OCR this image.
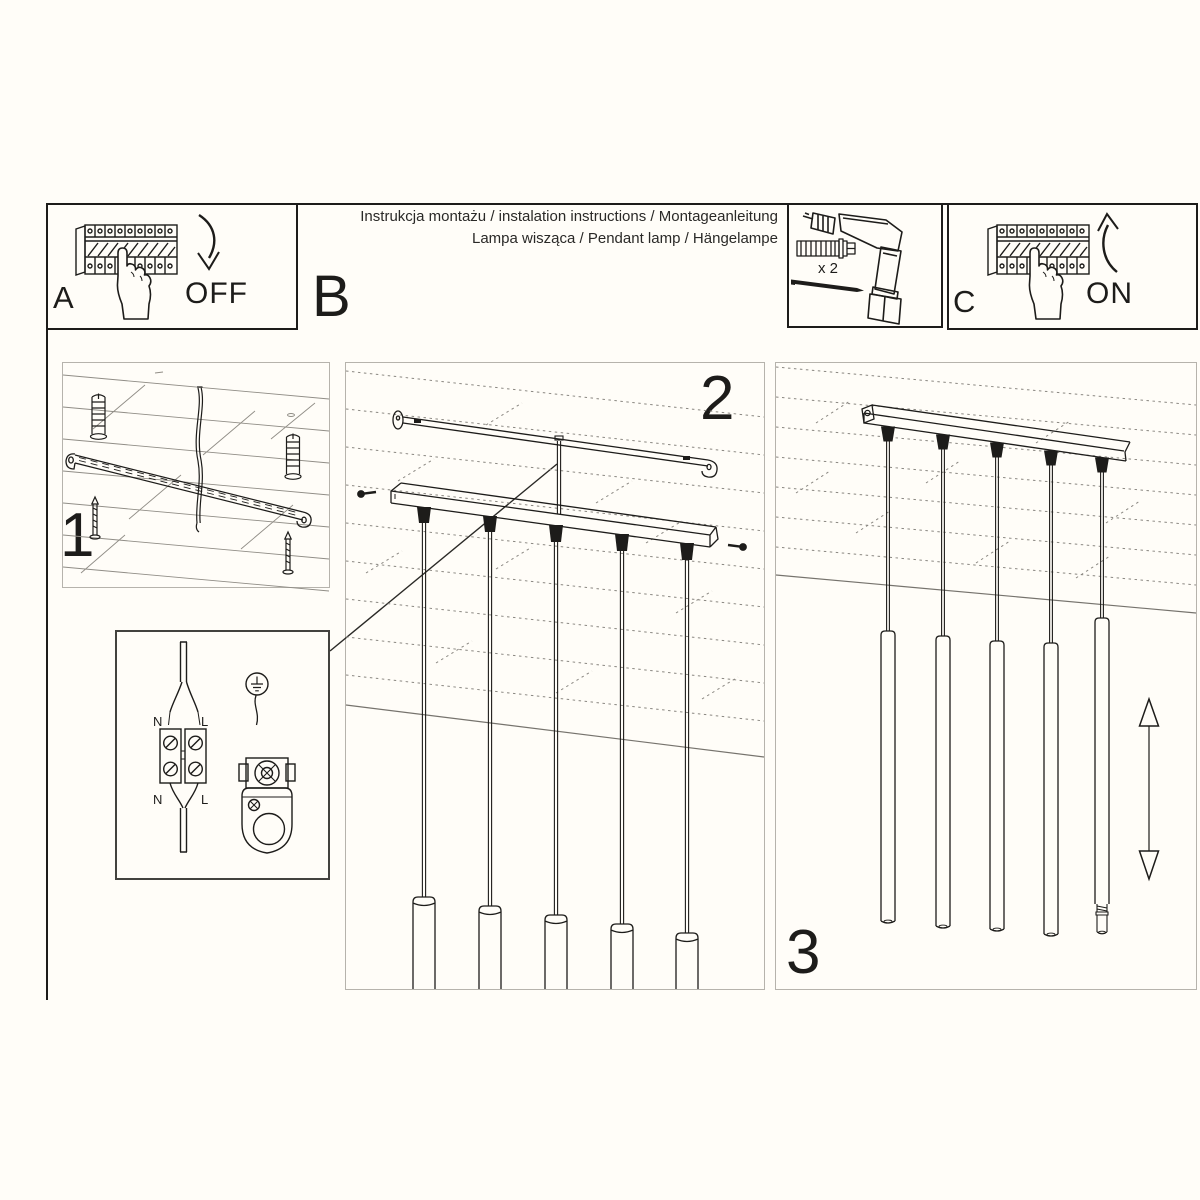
Instrukcja montażu / instalation instructions / Montageanleitung
Lampa wisząca / Pendant lamp / Hängelampe
B
A	OFF	C	ON
x 2
1
2
3
N	L
N	L
